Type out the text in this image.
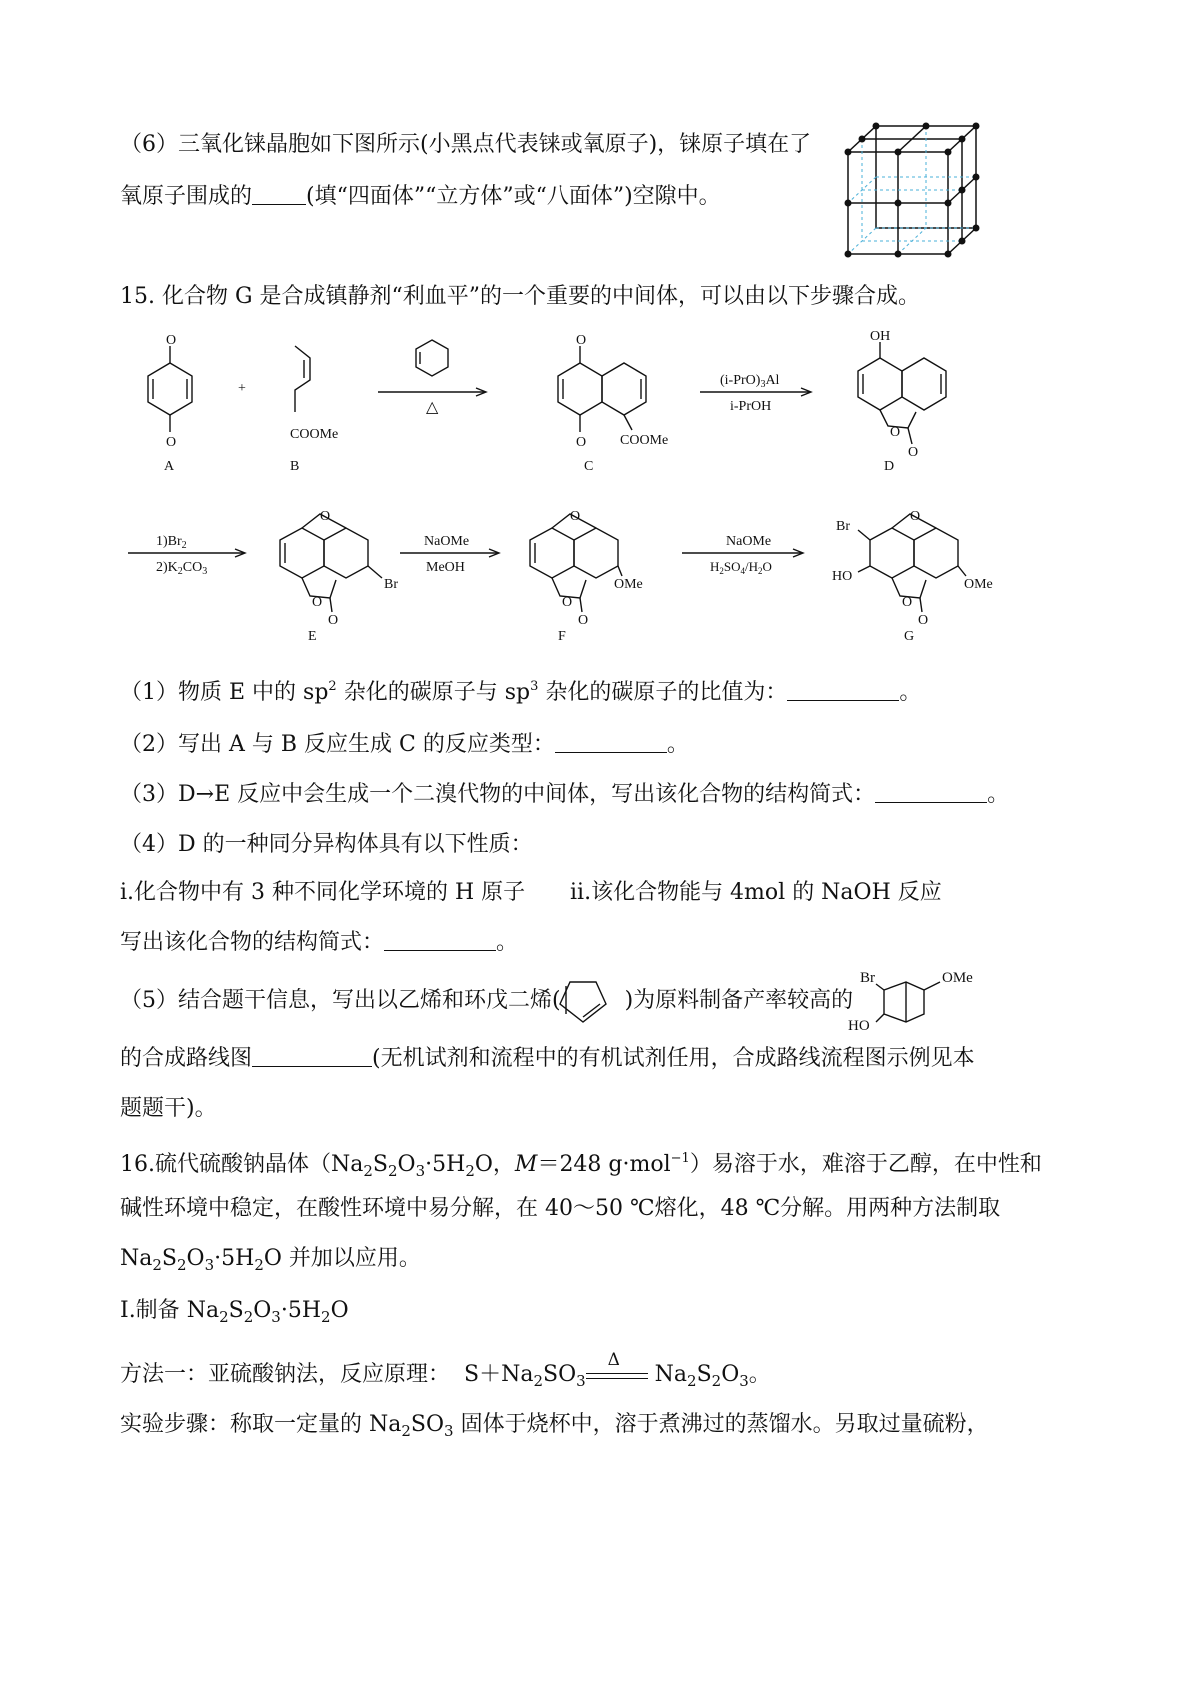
（6）三氧化铼晶胞如下图所示(小黑点代表铼或氧原子)，铼原子填在了
氧原子围成的 (填“四面体”“立方体”或“八面体”)空隙中。
15. 化合物 G 是合成镇静剂“利血平”的一个重要的中间体，可以由以下步骤合成。
O
O
A
+
COOMe
B
△
O
O COOMe
C
$(i-PrO)_3Al$
i-PrOH
OH
O
O
D
$1)Br_2$
$2)K_2CO_3$
O
O
O
Br
E
NaOMe
MeOH
O
O
O
OMe
F
NaOMe
$H_2SO_4/H_2O$
O
Br
HO
O
O
OMe
G
（1）物质 E 中的 $sp^2$ 杂化的碳原子与 $sp^3$ 杂化的碳原子的比值为：	。
（2）写出 A 与 B 反应生成 C 的反应类型：	。
（3）D→E 反应中会生成一个二溴代物的中间体，写出该化合物的结构简式：	。
（4）D 的一种同分异构体具有以下性质：
i.化合物中有 3 种不同化学环境的 H 原子 ii.该化合物能与 4mol 的 NaOH 反应
写出该化合物的结构简式：	。
（5）结合题干信息，写出以乙烯和环戊二烯(	)为原料制备产率较高的
Br	OMe
HO
的合成路线图	(无机试剂和流程中的有机试剂任用，合成路线流程图示例见本
题题干)。
16.硫代硫酸钠晶体（$Na_2S_2O_3\cdot 5H_2O$，M＝248 g·mol$^{-1}$）易溶于水，难溶于乙醇，在中性和
碱性环境中稳定，在酸性环境中易分解，在 40～50 ℃熔化，48 ℃分解。用两种方法制取
$Na_2S_2O_3\cdot 5H_2O$ 并加以应用。
Ⅰ.制备 $Na_2S_2O_3\cdot 5H_2O$
方法一：亚硫酸钠法，反应原理：  $S+Na_2SO_3$
Δ
$Na_2S_2O_3$。
实验步骤：称取一定量的 $Na_2SO_3$ 固体于烧杯中，溶于煮沸过的蒸馏水。另取过量硫粉，
